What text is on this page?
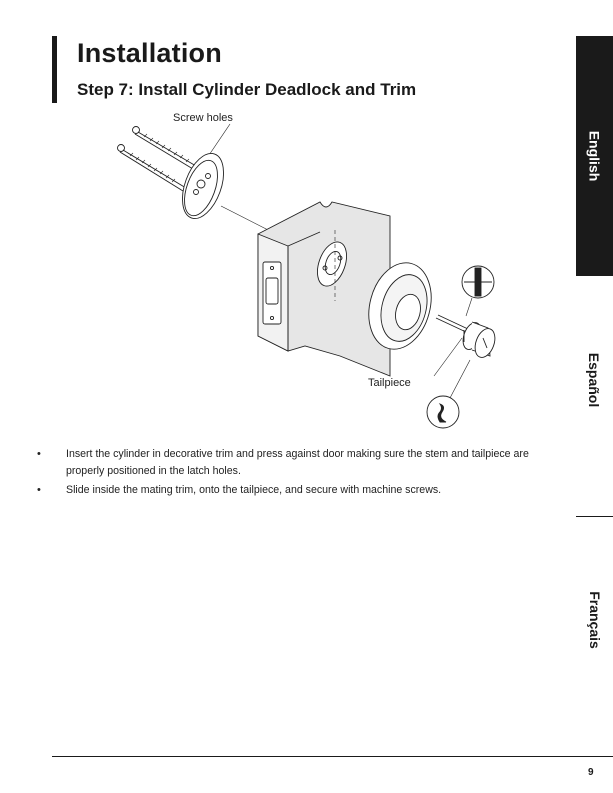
Installation
Step 7: Install Cylinder Deadlock and Trim
Screw holes
Tailpiece
• Insert the cylinder in decorative trim and press against door making sure the stem and tailpiece are properly positioned in the latch holes.
• Slide inside the mating trim, onto the tailpiece, and secure with machine screws.
English
Español
Français
9
